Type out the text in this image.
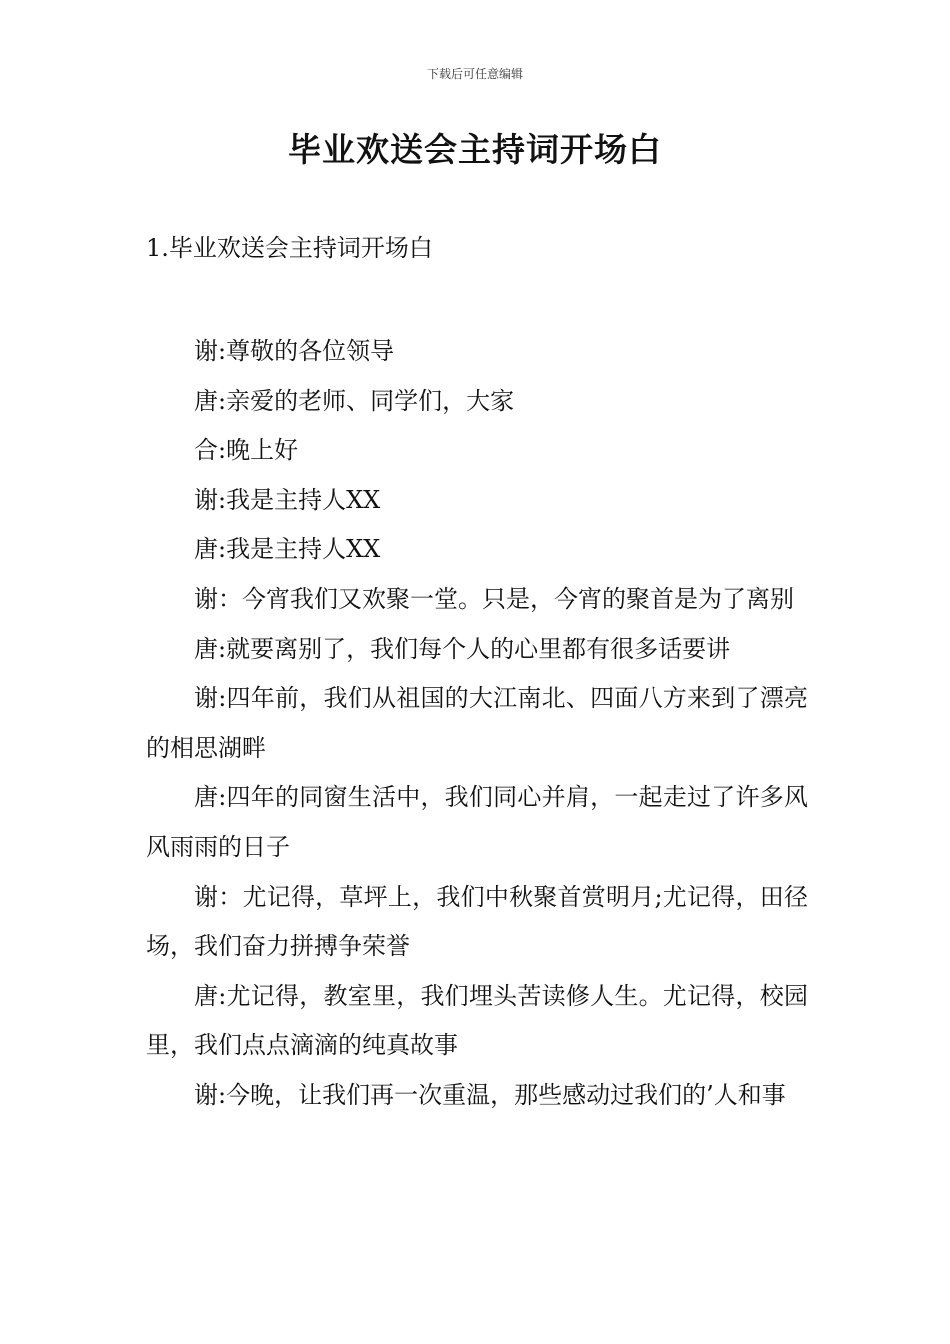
下载后可任意编辑
毕业欢送会主持词开场白
1.毕业欢送会主持词开场白

谢:尊敬的各位领导

唐:亲爱的老师、同学们，大家

合:晚上好

谢:我是主持人XX

唐:我是主持人XX

谢：今宵我们又欢聚一堂。只是，今宵的聚首是为了离别

唐:就要离别了，我们每个人的心里都有很多话要讲

谢:四年前，我们从祖国的大江南北、四面八方来到了漂亮的相思湖畔

唐:四年的同窗生活中，我们同心并肩，一起走过了许多风风雨雨的日子

谢：尤记得，草坪上，我们中秋聚首赏明月;尤记得，田径场，我们奋力拼搏争荣誉

唐:尤记得，教室里，我们埋头苦读修人生。尤记得，校园里，我们点点滴滴的纯真故事

谢:今晚，让我们再一次重温，那些感动过我们的’人和事
